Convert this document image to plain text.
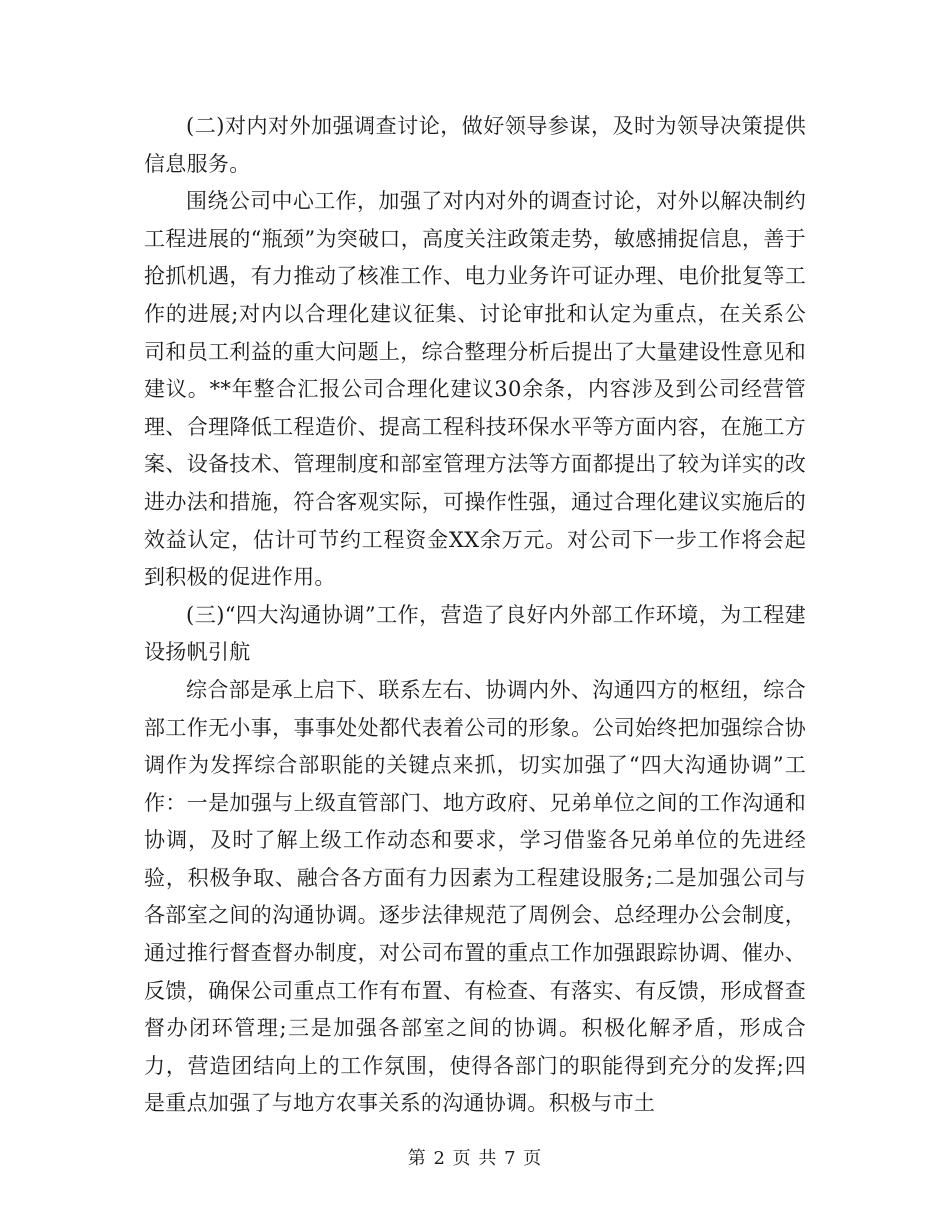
(二)对内对外加强调查讨论，做好领导参谋，及时为领导决策提供信息服务。

围绕公司中心工作，加强了对内对外的调查讨论，对外以解决制约工程进展的“瓶颈”为突破口，高度关注政策走势，敏感捕捉信息，善于抢抓机遇，有力推动了核准工作、电力业务许可证办理、电价批复等工作的进展;对内以合理化建议征集、讨论审批和认定为重点，在关系公司和员工利益的重大问题上，综合整理分析后提出了大量建设性意见和建议。**年整合汇报公司合理化建议30余条，内容涉及到公司经营管理、合理降低工程造价、提高工程科技环保水平等方面内容，在施工方案、设备技术、管理制度和部室管理方法等方面都提出了较为详实的改进办法和措施，符合客观实际，可操作性强，通过合理化建议实施后的效益认定，估计可节约工程资金XX余万元。对公司下一步工作将会起到积极的促进作用。

(三)“四大沟通协调”工作，营造了良好内外部工作环境，为工程建设扬帆引航

综合部是承上启下、联系左右、协调内外、沟通四方的枢纽，综合部工作无小事，事事处处都代表着公司的形象。公司始终把加强综合协调作为发挥综合部职能的关键点来抓，切实加强了“四大沟通协调”工作：一是加强与上级直管部门、地方政府、兄弟单位之间的工作沟通和协调，及时了解上级工作动态和要求，学习借鉴各兄弟单位的先进经验，积极争取、融合各方面有力因素为工程建设服务;二是加强公司与各部室之间的沟通协调。逐步法律规范了周例会、总经理办公会制度，通过推行督查督办制度，对公司布置的重点工作加强跟踪协调、催办、反馈，确保公司重点工作有布置、有检查、有落实、有反馈，形成督查督办闭环管理;三是加强各部室之间的协调。积极化解矛盾，形成合力，营造团结向上的工作氛围，使得各部门的职能得到充分的发挥;四是重点加强了与地方农事关系的沟通协调。积极与市土

第 2 页 共 7 页
